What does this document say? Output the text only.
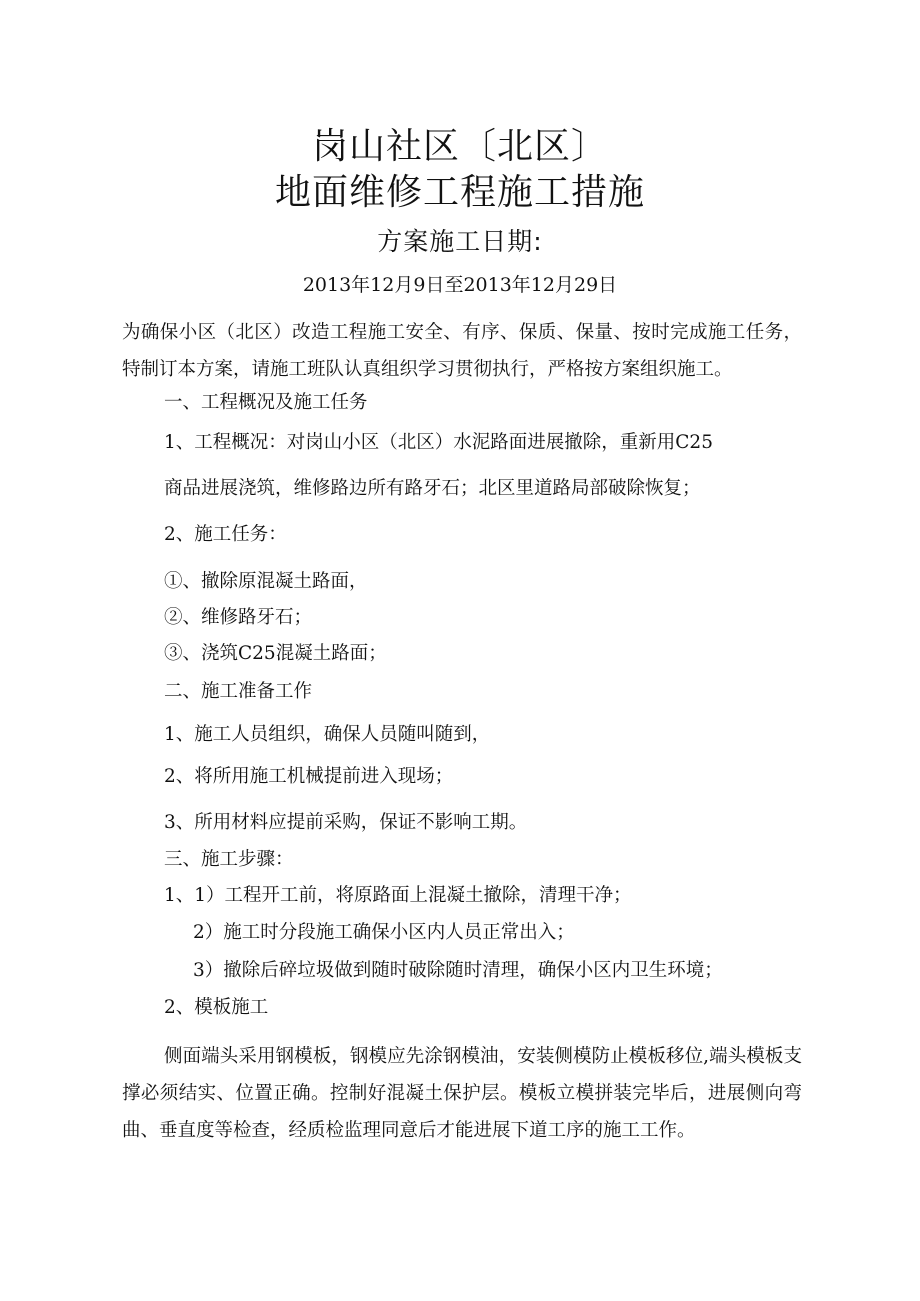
岗山社区〔北区〕
地面维修工程施工措施
方案施工日期:
2013年12月9日至2013年12月29日
为确保小区（北区）改造工程施工安全、有序、保质、保量、按时完成施工任务，特制订本方案，请施工班队认真组织学习贯彻执行，严格按方案组织施工。
一、工程概况及施工任务
1、工程概况：对岗山小区（北区）水泥路面进展撤除，重新用C25
商品进展浇筑，维修路边所有路牙石；北区里道路局部破除恢复；
2、施工任务：
①、撤除原混凝土路面，
②、维修路牙石；
③、浇筑C25混凝土路面；
二、施工准备工作
1、施工人员组织，确保人员随叫随到，
2、将所用施工机械提前进入现场；
3、所用材料应提前采购，保证不影响工期。
三、施工步骤：
1、1）工程开工前，将原路面上混凝土撤除，清理干净；
2）施工时分段施工确保小区内人员正常出入；
3）撤除后碎垃圾做到随时破除随时清理，确保小区内卫生环境；
2、模板施工
侧面端头采用钢模板，钢模应先涂钢模油，安装侧模防止模板移位,端头模板支撑必须结实、位置正确。控制好混凝土保护层。模板立模拼装完毕后，进展侧向弯曲、垂直度等检查，经质检监理同意后才能进展下道工序的施工工作。
